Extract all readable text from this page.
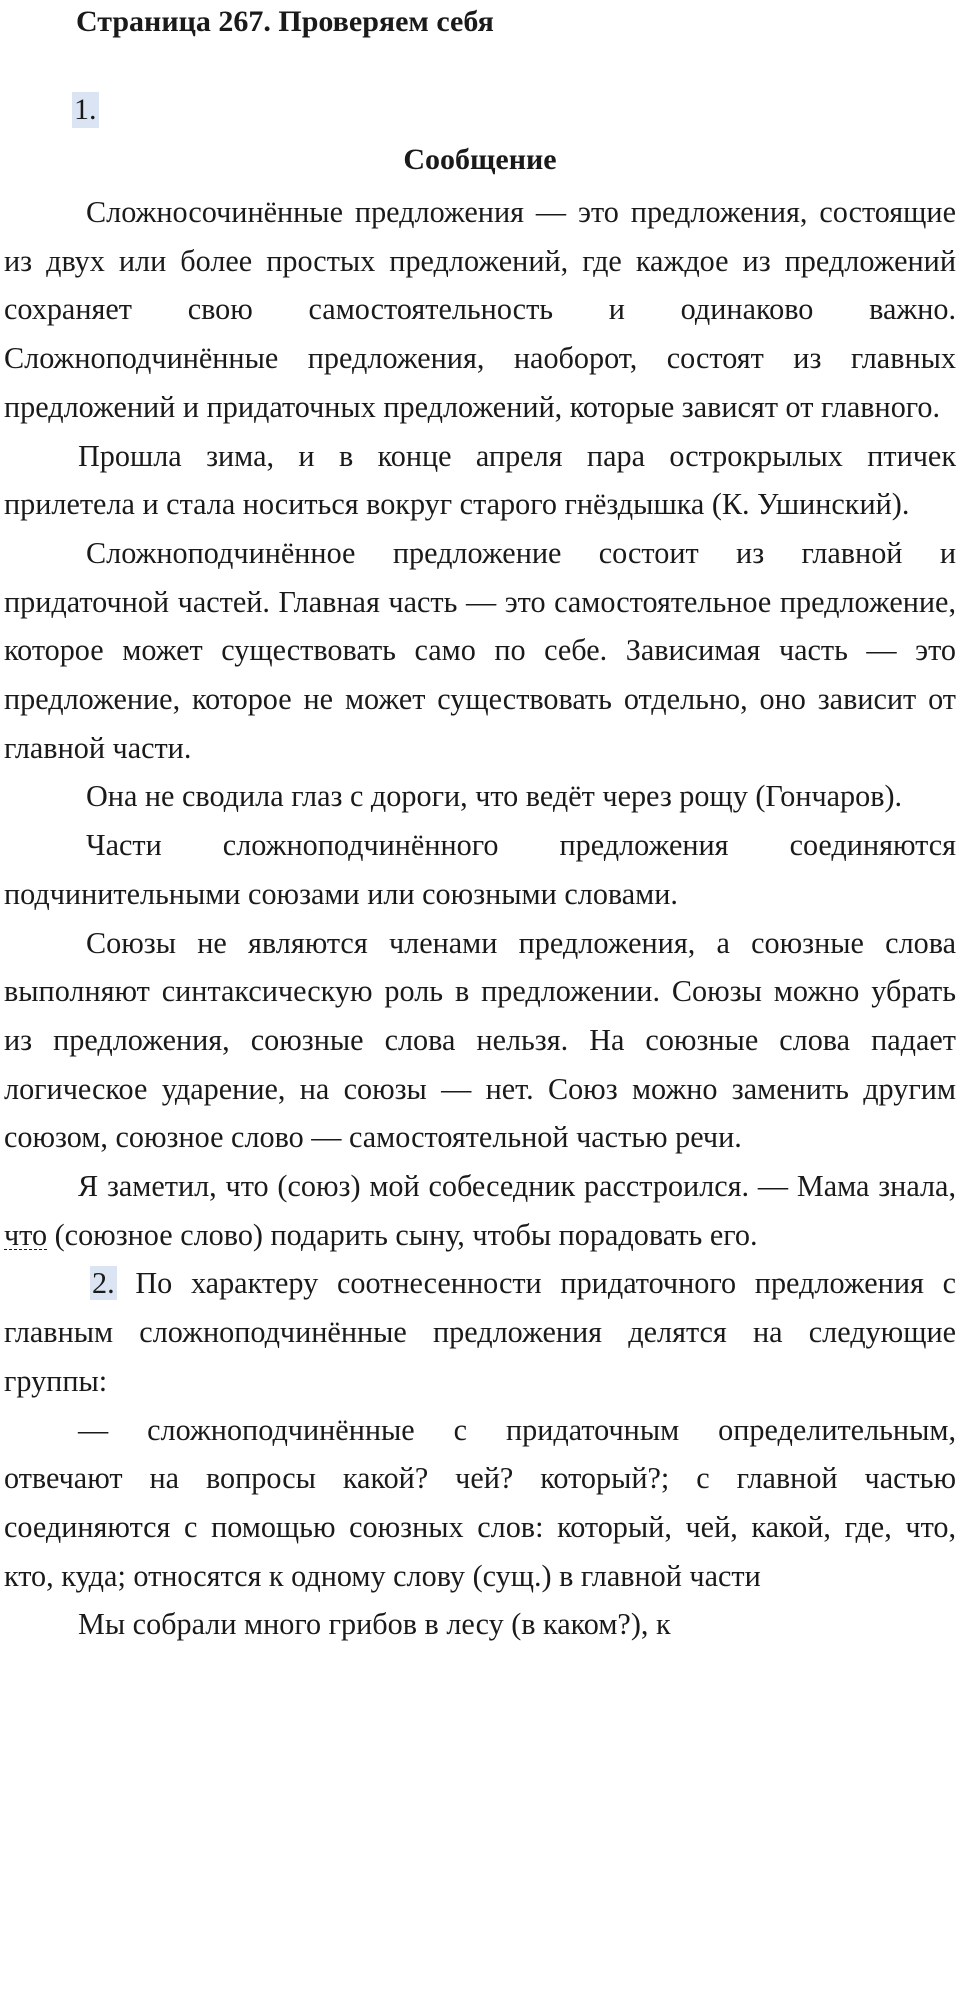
Страница 267. Проверяем себя
1.
Сообщение

Сложносочинённые предложения — это предложения, состоящие из двух или более простых предложений, где каждое из предложений сохраняет свою самостоятельность и одинаково важно. Сложноподчинённые предложения, наоборот, состоят из главных предложений и придаточных предложений, которые зависят от главного.

Прошла зима, и в конце апреля пара острокрылых птичек прилетела и стала носиться вокруг старого гнёздышка (К. Ушинский).

Сложноподчинённое предложение состоит из главной и придаточной частей. Главная часть — это самостоятельное предложение, которое может существовать само по себе. Зависимая часть — это предложение, которое не может существовать отдельно, оно зависит от главной части.

Она не сводила глаз с дороги, что ведёт через рощу (Гончаров).

Части сложноподчинённого предложения соединяются подчинительными союзами или союзными словами.

Союзы не являются членами предложения, а союзные слова выполняют синтаксическую роль в предложении. Союзы можно убрать из предложения, союзные слова нельзя. На союзные слова падает логическое ударение, на союзы — нет. Союз можно заменить другим союзом, союзное слово — самостоятельной частью речи.

Я заметил, что (союз) мой собеседник расстроился. — Мама знала, что (союзное слово) подарить сыну, чтобы порадовать его.

2. По характеру соотнесенности придаточного предложения с главным сложноподчинённые предложения делятся на следующие группы:

— сложноподчинённые с придаточным определительным, отвечают на вопросы какой? чей? который?; с главной частью соединяются с помощью союзных слов: который, чей, какой, где, что, кто, куда; относятся к одному слову (сущ.) в главной части

Мы собрали много грибов в лесу (в каком?), к
